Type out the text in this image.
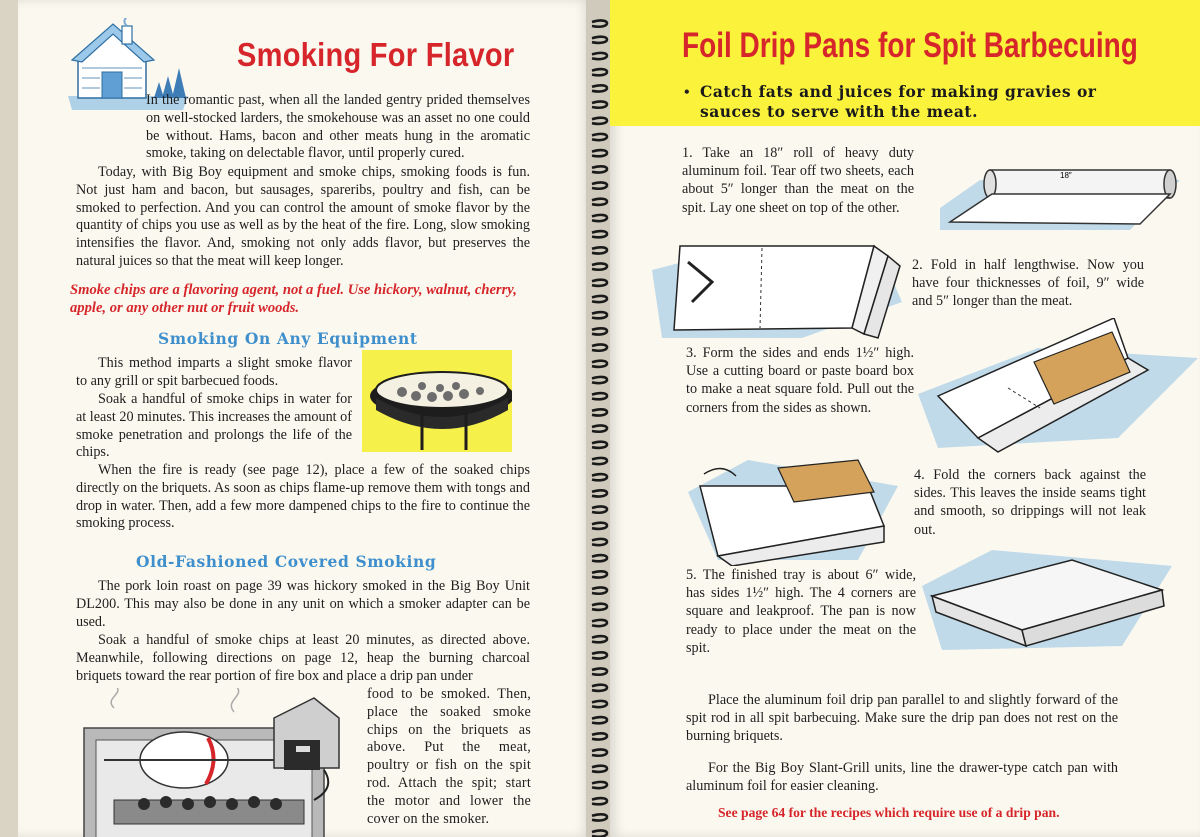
Smoking For Flavor
In the romantic past, when all the landed gentry prided themselves on well-stocked larders, the smokehouse was an asset no one could be without. Hams, bacon and other meats hung in the aromatic smoke, taking on delectable flavor, until properly cured.
Today, with Big Boy equipment and smoke chips, smoking foods is fun. Not just ham and bacon, but sausages, spareribs, poultry and fish, can be smoked to perfection. And you can control the amount of smoke flavor by the quantity of chips you use as well as by the heat of the fire. Long, slow smoking intensifies the flavor. And, smoking not only adds flavor, but preserves the natural juices so that the meat will keep longer.
Smoke chips are a flavoring agent, not a fuel. Use hickory, walnut, cherry, apple, or any other nut or fruit woods.
Smoking On Any Equipment
This method imparts a slight smoke flavor to any grill or spit barbecued foods.
Soak a handful of smoke chips in water for at least 20 minutes. This increases the amount of smoke penetration and prolongs the life of the chips.
When the fire is ready (see page 12), place a few of the soaked chips directly on the briquets. As soon as chips flame-up remove them with tongs and drop in water. Then, add a few more dampened chips to the fire to continue the smoking process.
Old-Fashioned Covered Smoking
The pork loin roast on page 39 was hickory smoked in the Big Boy Unit DL200. This may also be done in any unit on which a smoker adapter can be used.
Soak a handful of smoke chips at least 20 minutes, as directed above. Meanwhile, following directions on page 12, heap the burning charcoal briquets toward the rear portion of fire box and place a drip pan under
food to be smoked. Then, place the soaked smoke chips on the briquets as above. Put the meat, poultry or fish on the spit rod. Attach the spit; start the motor and lower the cover on the smoker.
Foil Drip Pans for Spit Barbecuing
• Catch fats and juices for making gravies or sauces to serve with the meat.
1. Take an 18″ roll of heavy duty aluminum foil. Tear off two sheets, each about 5″ longer than the meat on the spit. Lay one sheet on top of the other.
18″
2. Fold in half lengthwise. Now you have four thicknesses of foil, 9″ wide and 5″ longer than the meat.
3. Form the sides and ends 1½″ high. Use a cutting board or paste board box to make a neat square fold. Pull out the corners from the sides as shown.
4. Fold the corners back against the sides. This leaves the inside seams tight and smooth, so drippings will not leak out.
5. The finished tray is about 6″ wide, has sides 1½″ high. The 4 corners are square and leakproof. The pan is now ready to place under the meat on the spit.
Place the aluminum foil drip pan parallel to and slightly forward of the spit rod in all spit barbecuing. Make sure the drip pan does not rest on the burning briquets.
For the Big Boy Slant-Grill units, line the drawer-type catch pan with aluminum foil for easier cleaning.
See page 64 for the recipes which require use of a drip pan.
